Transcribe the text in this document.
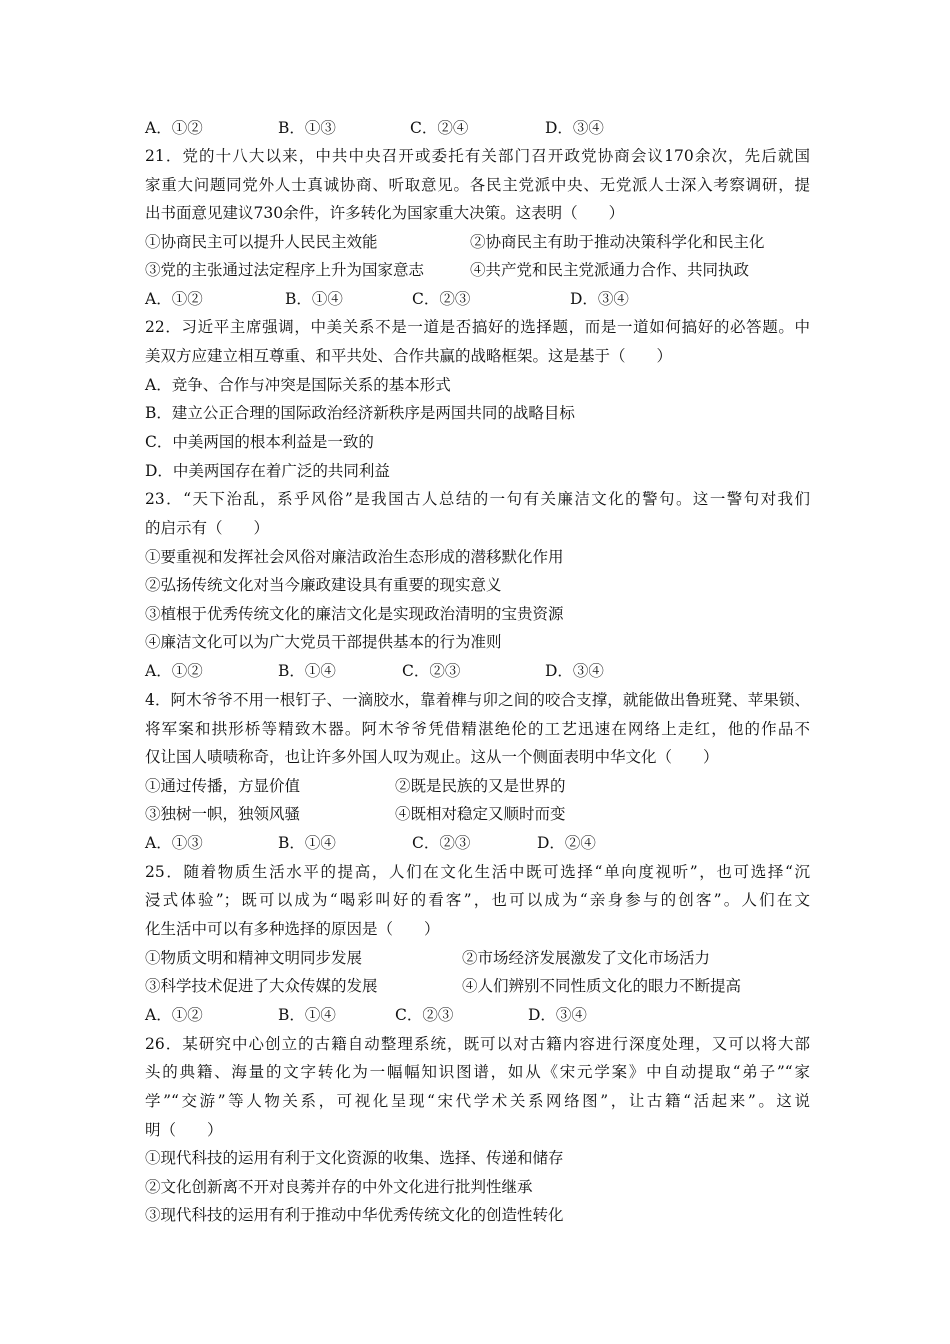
A．①②	B．①③	C．②④	D．③④
21．党的十八大以来，中共中央召开或委托有关部门召开政党协商会议170余次，先后就国
家重大问题同党外人士真诚协商、听取意见。各民主党派中央、无党派人士深入考察调研，提
出书面意见建议730余件，许多转化为国家重大决策。这表明（　　）
①协商民主可以提升人民民主效能	②协商民主有助于推动决策科学化和民主化
③党的主张通过法定程序上升为国家意志	④共产党和民主党派通力合作、共同执政
A．①②	B．①④	C．②③	D．③④
22．习近平主席强调，中美关系不是一道是否搞好的选择题，而是一道如何搞好的必答题。中
美双方应建立相互尊重、和平共处、合作共赢的战略框架。这是基于（　　）
A．竞争、合作与冲突是国际关系的基本形式
B．建立公正合理的国际政治经济新秩序是两国共同的战略目标
C．中美两国的根本利益是一致的
D．中美两国存在着广泛的共同利益
23．“天下治乱，系乎风俗”是我国古人总结的一句有关廉洁文化的警句。这一警句对我们
的启示有（　　）
①要重视和发挥社会风俗对廉洁政治生态形成的潜移默化作用
②弘扬传统文化对当今廉政建设具有重要的现实意义
③植根于优秀传统文化的廉洁文化是实现政治清明的宝贵资源
④廉洁文化可以为广大党员干部提供基本的行为准则
A．①②	B．①④	C．②③	D．③④
4．阿木爷爷不用一根钉子、一滴胶水，靠着榫与卯之间的咬合支撑，就能做出鲁班凳、苹果锁、
将军案和拱形桥等精致木器。阿木爷爷凭借精湛绝伦的工艺迅速在网络上走红，他的作品不
仅让国人啧啧称奇，也让许多外国人叹为观止。这从一个侧面表明中华文化（　　）
①通过传播，方显价值	②既是民族的又是世界的
③独树一帜，独领风骚	④既相对稳定又顺时而变
A．①③	B．①④	C．②③	D．②④
25．随着物质生活水平的提高，人们在文化生活中既可选择“单向度视听”，也可选择“沉
浸式体验”；既可以成为“喝彩叫好的看客”，也可以成为“亲身参与的创客”。人们在文
化生活中可以有多种选择的原因是（　　）
①物质文明和精神文明同步发展	②市场经济发展激发了文化市场活力
③科学技术促进了大众传媒的发展	④人们辨别不同性质文化的眼力不断提高
A．①②	B．①④	C．②③	D．③④
26．某研究中心创立的古籍自动整理系统，既可以对古籍内容进行深度处理，又可以将大部
头的典籍、海量的文字转化为一幅幅知识图谱，如从《宋元学案》中自动提取“弟子”“家
学”“交游”等人物关系，可视化呈现“宋代学术关系网络图”，让古籍“活起来”。这说
明（　　）
①现代科技的运用有利于文化资源的收集、选择、传递和储存
②文化创新离不开对良莠并存的中外文化进行批判性继承
③现代科技的运用有利于推动中华优秀传统文化的创造性转化
